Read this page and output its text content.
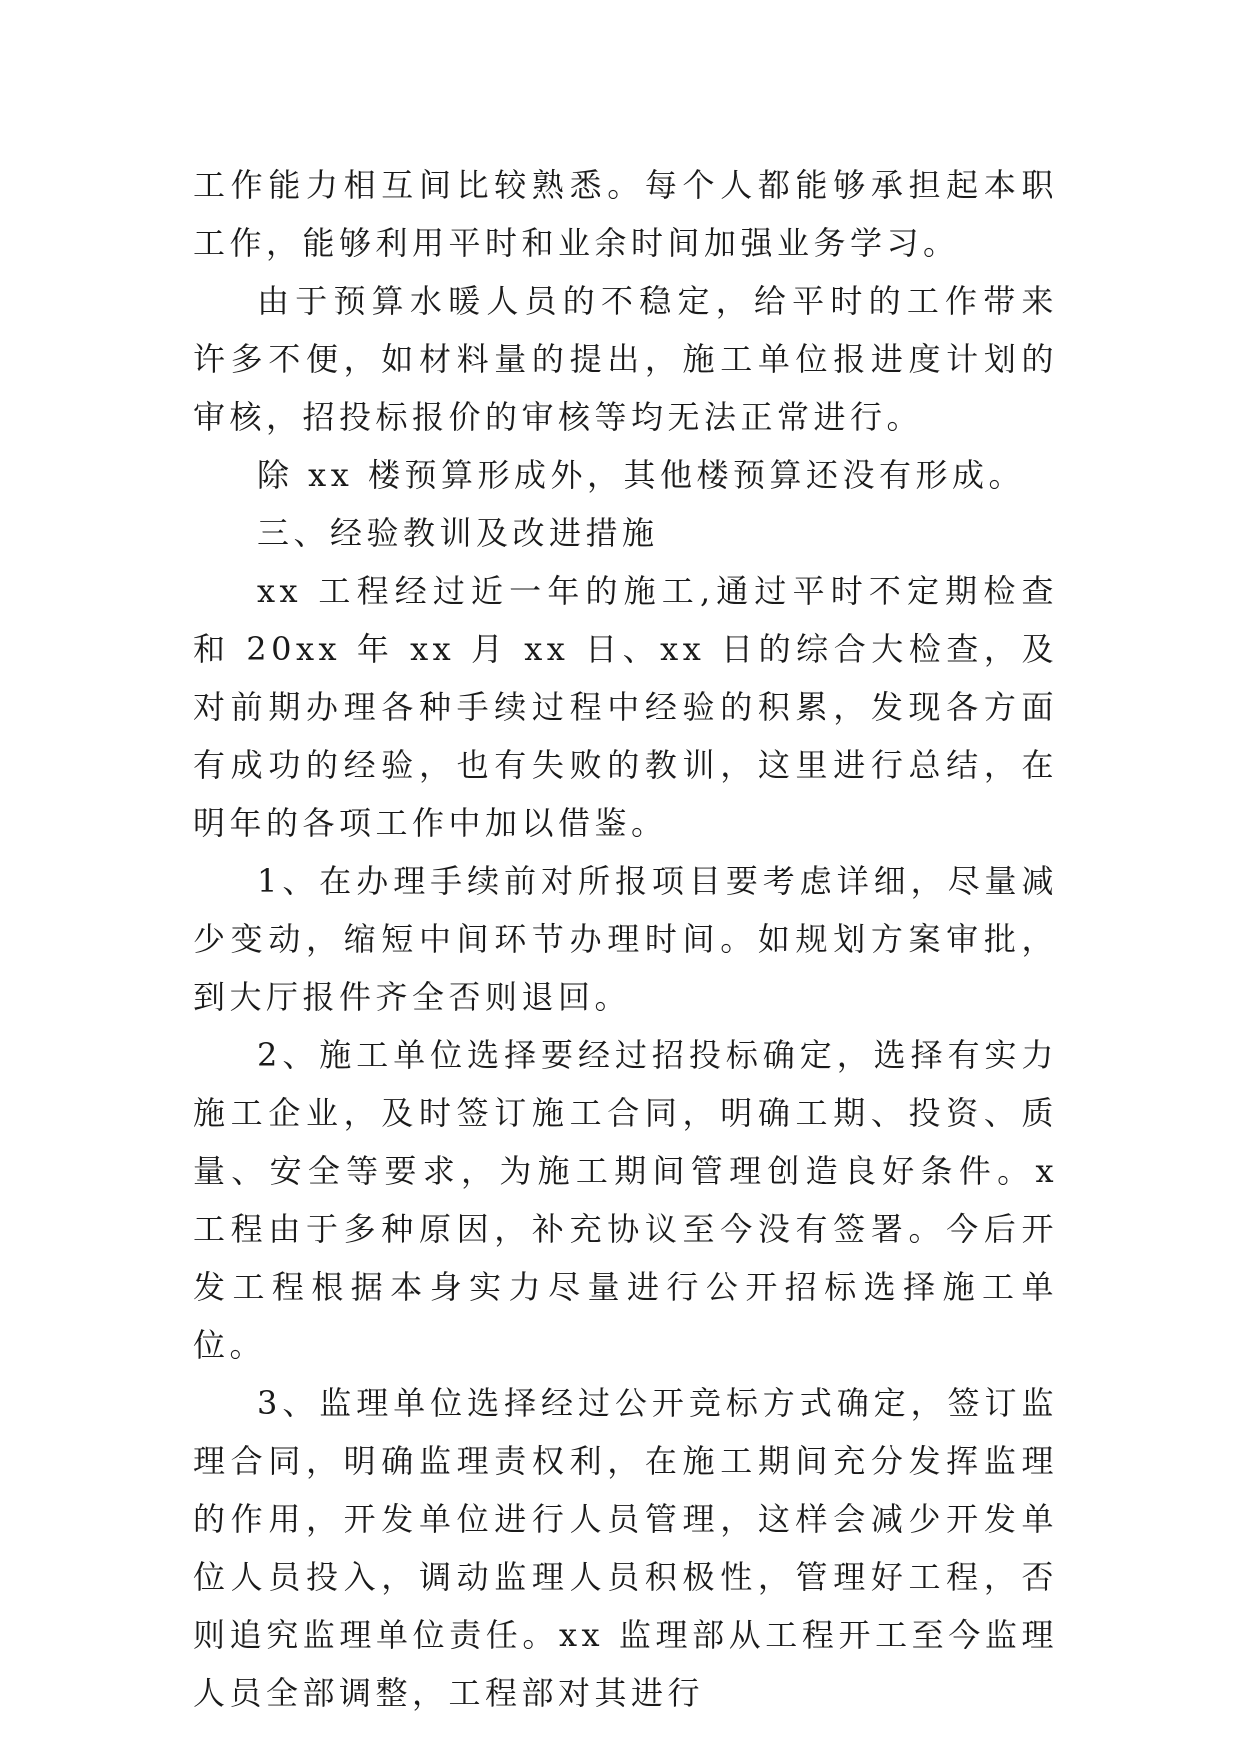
工作能力相互间比较熟悉。每个人都能够承担起本职工作，能够利用平时和业余时间加强业务学习。

由于预算水暖人员的不稳定，给平时的工作带来许多不便，如材料量的提出，施工单位报进度计划的审核，招投标报价的审核等均无法正常进行。

除 xx 楼预算形成外，其他楼预算还没有形成。

三、经验教训及改进措施

xx 工程经过近一年的施工,通过平时不定期检查和 20xx 年 xx 月 xx 日、xx 日的综合大检查，及对前期办理各种手续过程中经验的积累，发现各方面有成功的经验，也有失败的教训，这里进行总结，在明年的各项工作中加以借鉴。

1、在办理手续前对所报项目要考虑详细，尽量减少变动，缩短中间环节办理时间。如规划方案审批，到大厅报件齐全否则退回。

2、施工单位选择要经过招投标确定，选择有实力施工企业，及时签订施工合同，明确工期、投资、质量、安全等要求，为施工期间管理创造良好条件。x 工程由于多种原因，补充协议至今没有签署。今后开发工程根据本身实力尽量进行公开招标选择施工单位。

3、监理单位选择经过公开竞标方式确定，签订监理合同，明确监理责权利，在施工期间充分发挥监理的作用，开发单位进行人员管理，这样会减少开发单位人员投入，调动监理人员积极性，管理好工程，否则追究监理单位责任。xx 监理部从工程开工至今监理人员全部调整，工程部对其进行
